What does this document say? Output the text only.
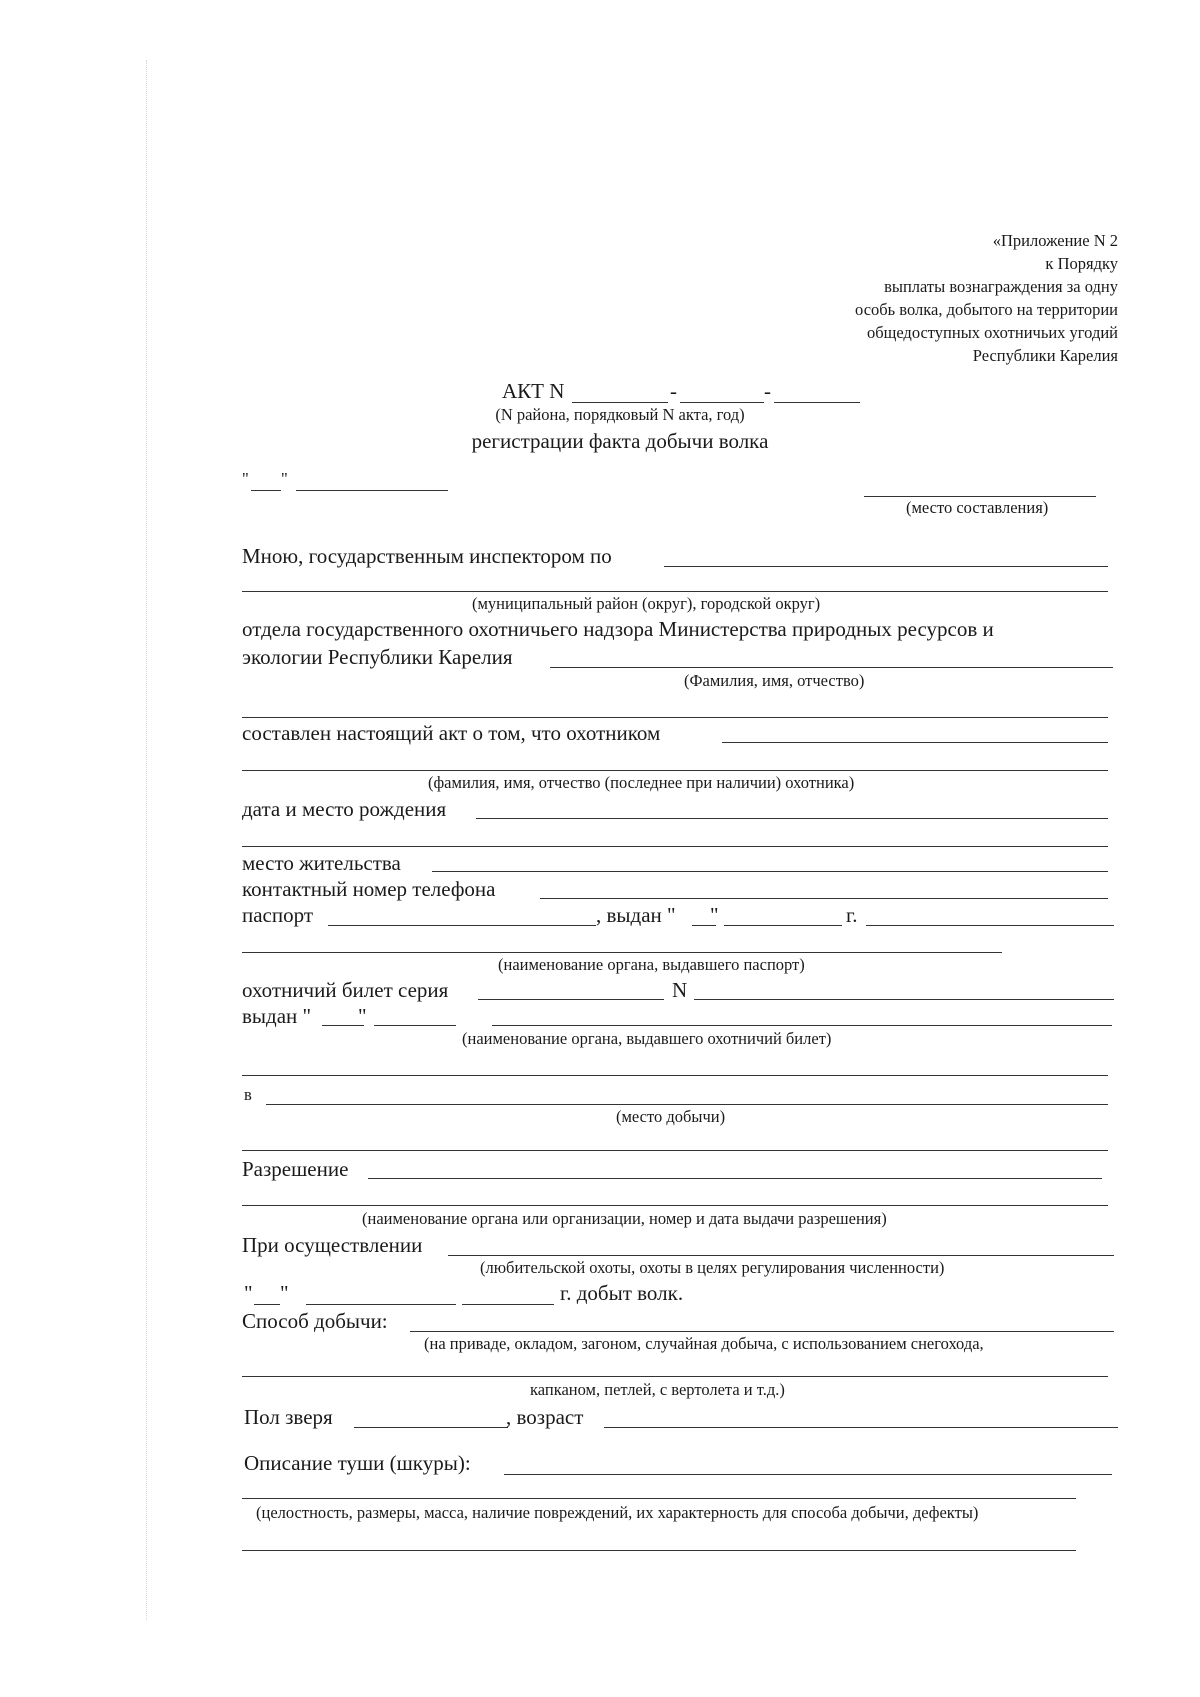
«Приложение N 2
к Порядку
выплаты вознаграждения за одну
особь волка, добытого на территории
общедоступных охотничьих угодий
Республики Карелия
АКТ N	-	-
(N района, порядковый N акта, год)
регистрации факта добычи волка
" "
(место составления)
Мною, государственным инспектором по
(муниципальный район (округ), городской округ)
отдела государственного охотничьего надзора Министерства природных ресурсов и
экологии Республики Карелия
(Фамилия, имя, отчество)
составлен настоящий акт о том, что охотником
(фамилия, имя, отчество (последнее при наличии) охотника)
дата и место рождения
место жительства
контактный номер телефона
паспорт	, выдан " "	г.
(наименование органа, выдавшего паспорт)
охотничий билет серия	N
выдан " "
(наименование органа, выдавшего охотничий билет)
в
(место добычи)
Разрешение
(наименование органа или организации, номер и дата выдачи разрешения)
При осуществлении
(любительской охоты, охоты в целях регулирования численности)
" "	г. добыт волк.
Способ добычи:
(на приваде, окладом, загоном, случайная добыча, с использованием снегохода,
капканом, петлей, с вертолета и т.д.)
Пол зверя	, возраст
Описание туши (шкуры):
(целостность, размеры, масса, наличие повреждений, их характерность для способа добычи, дефекты)
